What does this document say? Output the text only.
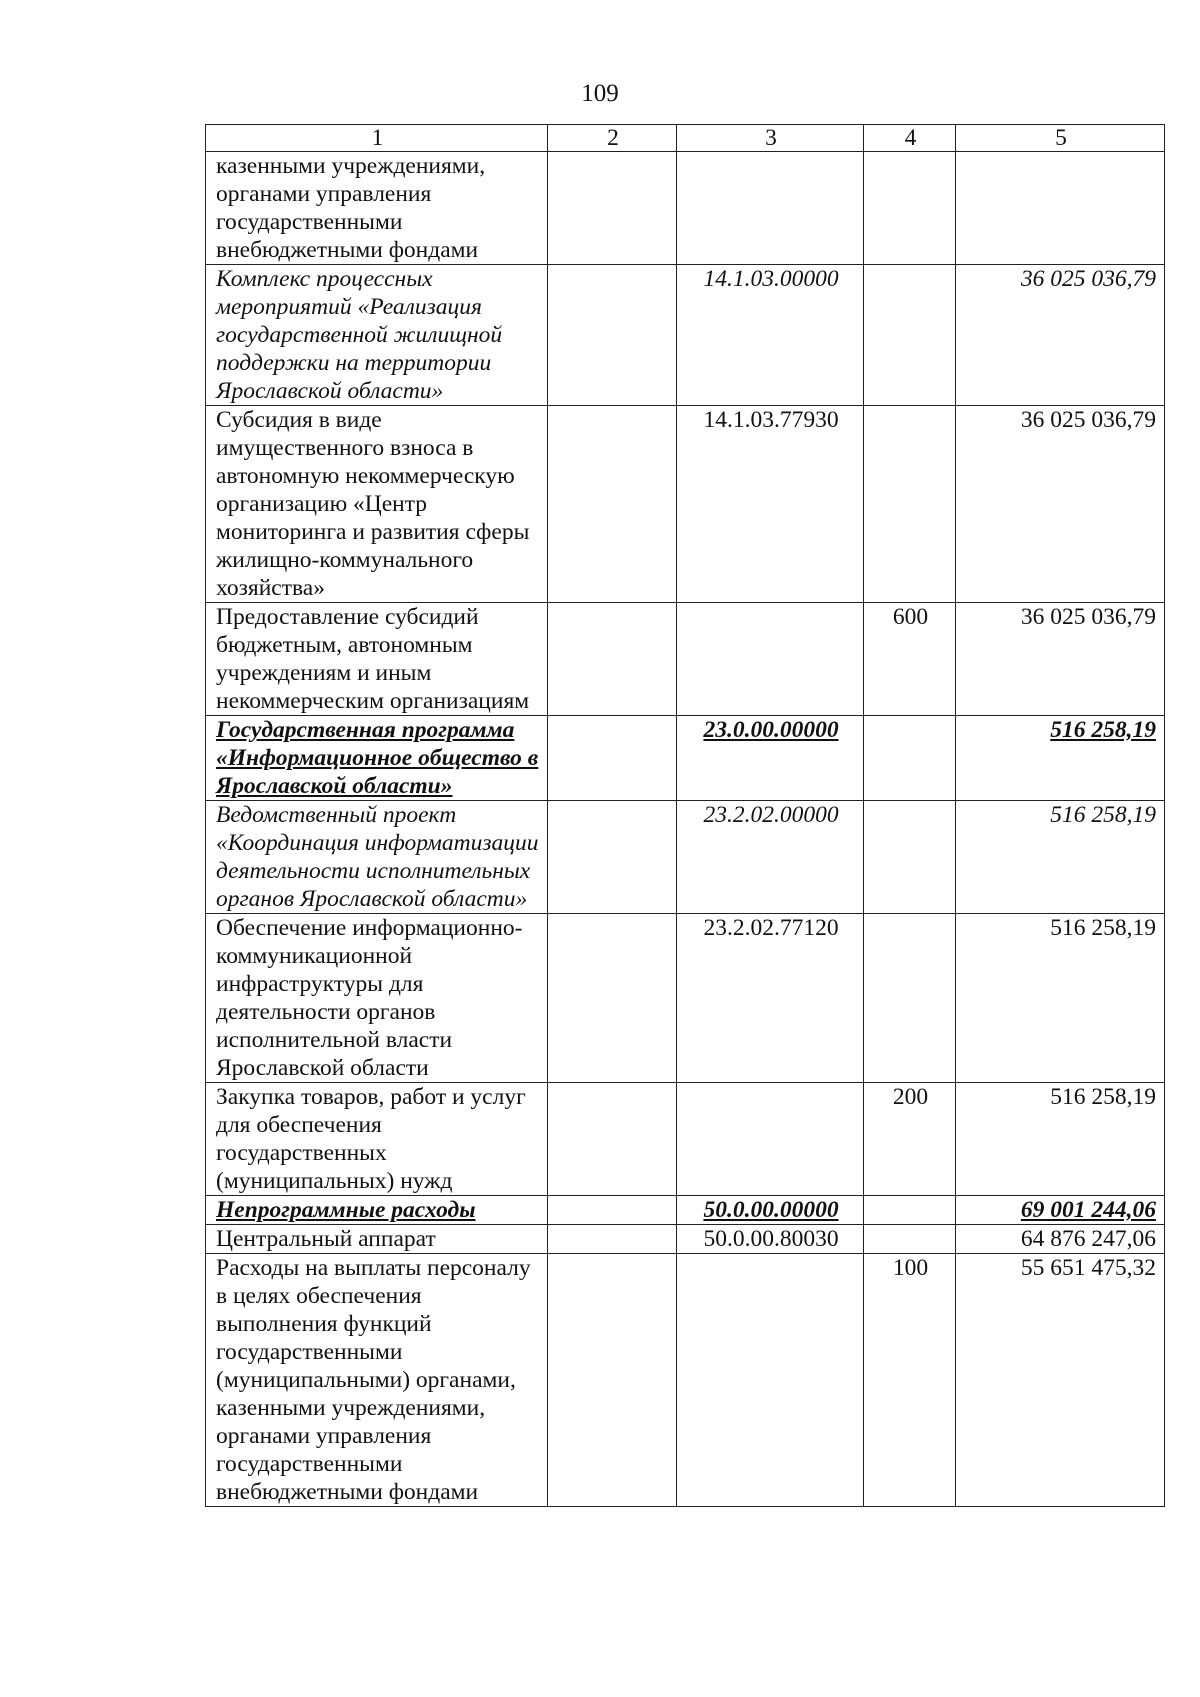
109
1	2	3	4	5
казенными учреждениями, органами управления государственными внебюджетными фондами				
Комплекс процессных мероприятий «Реализация государственной жилищной поддержки на территории Ярославской области»		14.1.03.00000		36 025 036,79
Субсидия в виде имущественного взноса в автономную некоммерческую организацию «Центр мониторинга и развития сферы жилищно-коммунального хозяйства»		14.1.03.77930		36 025 036,79
Предоставление субсидий бюджетным, автономным учреждениям и иным некоммерческим организациям			600	36 025 036,79
Государственная программа «Информационное общество в Ярославской области»		23.0.00.00000		516 258,19
Ведомственный проект «Координация информатизации деятельности исполнительных органов Ярославской области»		23.2.02.00000		516 258,19
Обеспечение информационно-коммуникационной инфраструктуры для деятельности органов исполнительной власти Ярославской области		23.2.02.77120		516 258,19
Закупка товаров, работ и услуг для обеспечения государственных (муниципальных) нужд			200	516 258,19
Непрограммные расходы		50.0.00.00000		69 001 244,06
Центральный аппарат		50.0.00.80030		64 876 247,06
Расходы на выплаты персоналу в целях обеспечения выполнения функций государственными (муниципальными) органами, казенными учреждениями, органами управления государственными внебюджетными фондами			100	55 651 475,32
